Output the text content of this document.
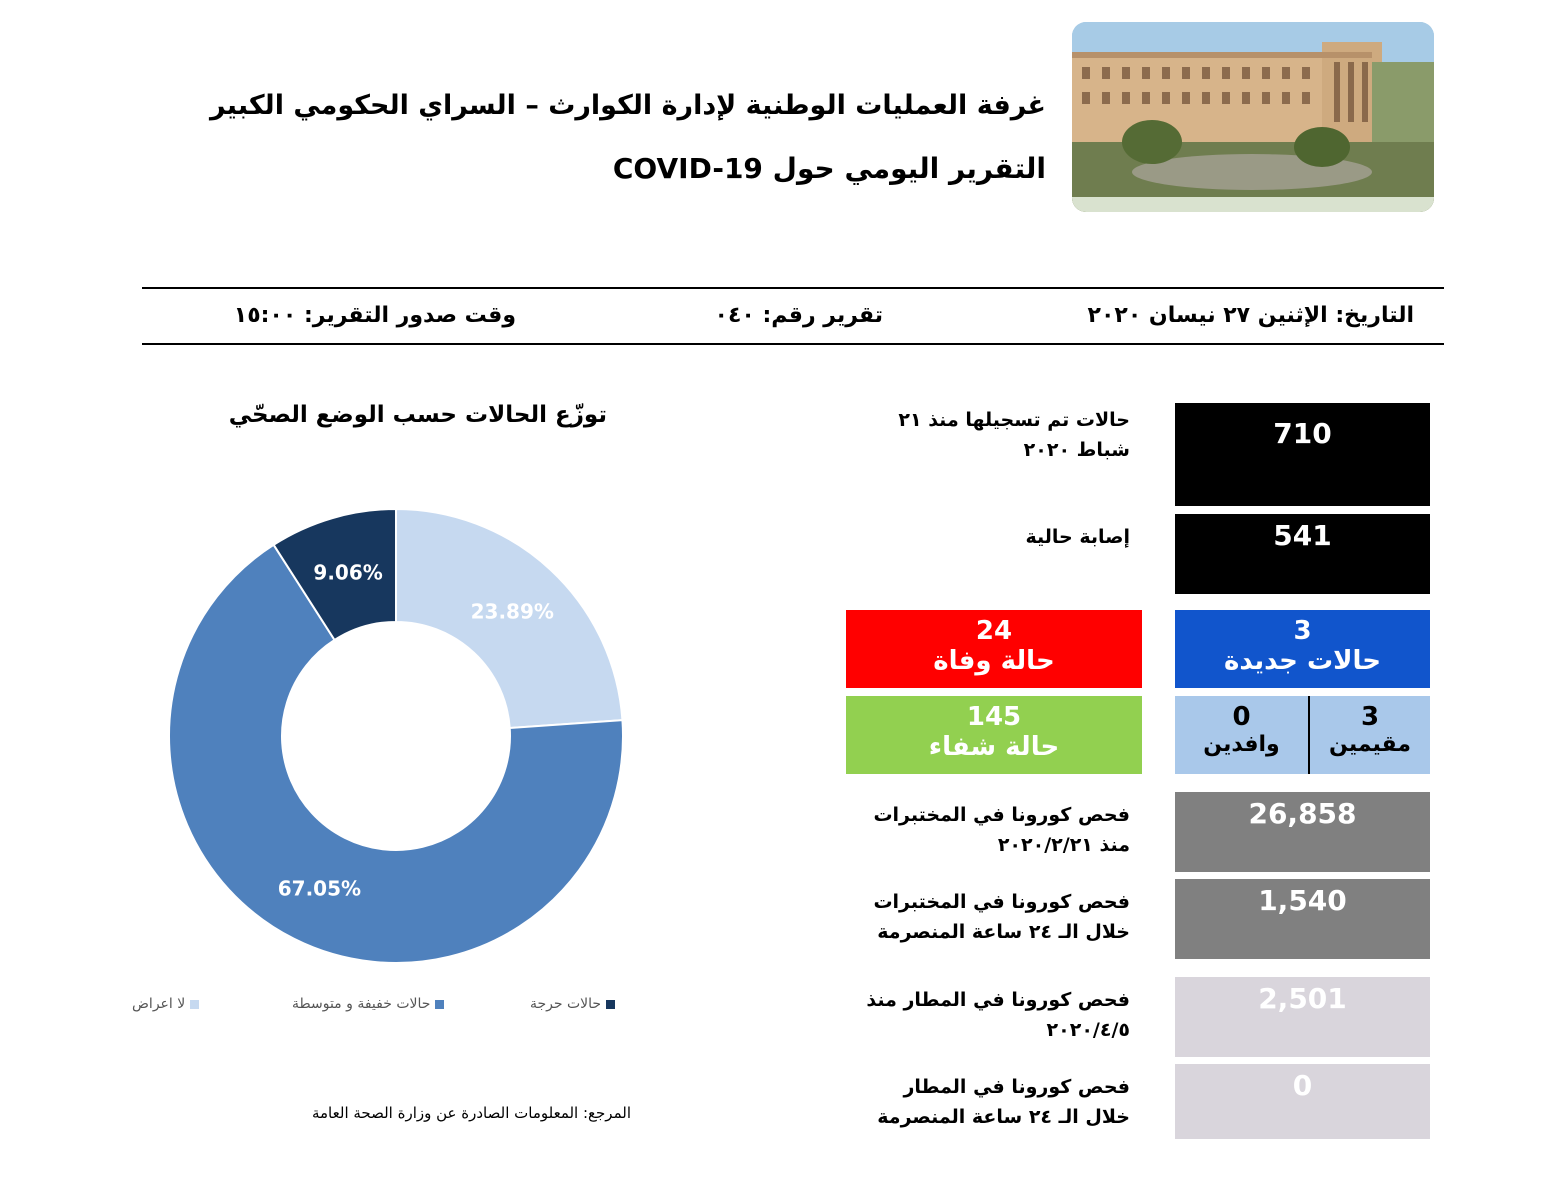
غرفة العمليات الوطنية لإدارة الكوارث – السراي الحكومي الكبير
التقرير اليومي حول COVID-19
التاريخ: الإثنين ٢٧ نيسان ٢٠٢٠
تقرير رقم: ٠٤٠
وقت صدور التقرير: ١٥:٠٠
حالات تم تسجيلها منذ ٢١ شباط ٢٠٢٠	710
إصابة حالية	541
24
حالة وفاة
3
حالات جديدة
145
حالة شفاء
3
مقيمين
0
وافدين
فحص كورونا في المختبرات
منذ ٢٠٢٠/٢/٢١
26,858
فحص كورونا في المختبرات
خلال الـ ٢٤ ساعة المنصرمة
1,540
فحص كورونا في المطار منذ
٢٠٢٠/٤/٥
2,501
فحص كورونا في المطار
خلال الـ ٢٤ ساعة المنصرمة
0
توزّع الحالات حسب الوضع الصحّي
23.89%
67.05%
9.06%
حالات حرجة
حالات خفيفة و متوسطة
لا اعراض
المرجع: المعلومات الصادرة عن وزارة الصحة العامة
